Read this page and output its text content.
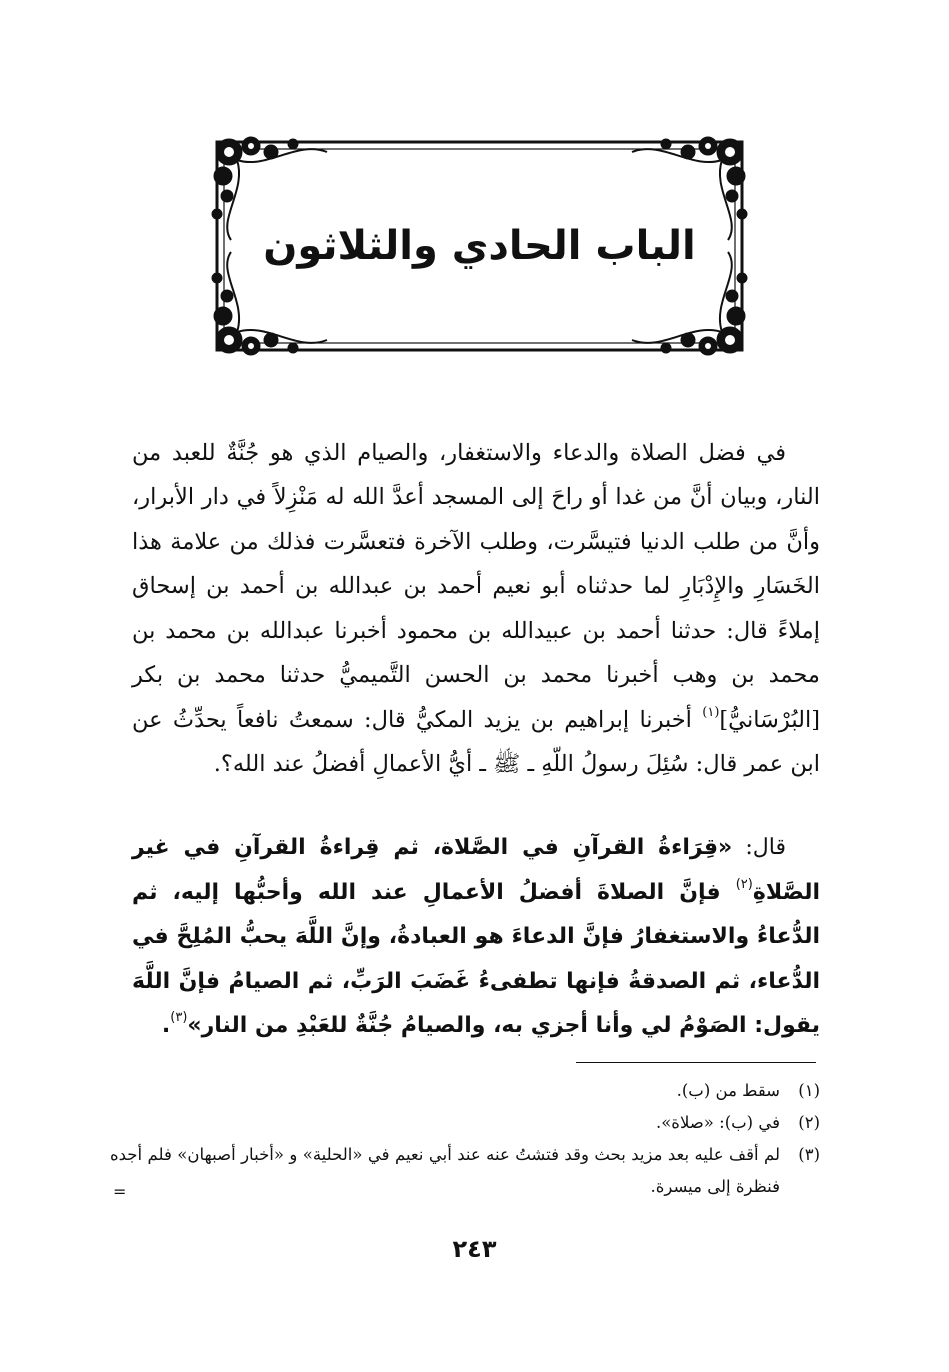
الباب الحادي والثلاثون

في فضل الصلاة والدعاء والاستغفار، والصيام الذي هو جُنَّةٌ للعبد من النار، وبيان أنَّ من غدا أو راحَ إلى المسجد أعدَّ الله له مَنْزِلاً في دار الأبرار، وأنَّ من طلب الدنيا فتيسَّرت، وطلب الآخرة فتعسَّرت فذلك من علامة هذا الخَسَارِ والإِدْبَارِ لما حدثناه أبو نعيم أحمد بن عبدالله بن أحمد بن إسحاق إملاءً قال: حدثنا أحمد بن عبيدالله بن محمود أخبرنا عبدالله بن محمد بن محمد بن وهب أخبرنا محمد بن الحسن التَّميميُّ حدثنا محمد بن بكر [البُرْسَانيُّ]$^{(١)}$ أخبرنا إبراهيم بن يزيد المكيُّ قال: سمعتُ نافعاً يحدِّثُ عن ابن عمر قال: سُئِلَ رسولُ اللّهِ ـ ﷺ ـ أيُّ الأعمالِ أفضلُ عند الله؟.

قال: «قِرَاءةُ القرآنِ في الصَّلاة، ثم قِراءةُ القرآنِ في غير الصَّلاةِ$^{(٢)}$ فإنَّ الصلاةَ أفضلُ الأعمالِ عند الله وأحبُّها إليه، ثم الدُّعاءُ والاستغفارُ فإنَّ الدعاءَ هو العبادةُ، وإنَّ اللَّهَ يحبُّ المُلِحَّ في الدُّعاء، ثم الصدقةُ فإنها تطفىءُ غَضَبَ الرَبِّ، ثم الصيامُ فإنَّ اللَّهَ يقول: الصَوْمُ لي وأنا أجزي به، والصيامُ جُنَّةٌ للعَبْدِ من النار»$^{(٣)}$.

(١)
سقط من (ب).
(٢)
في (ب): «صلاة».
(٣)
لم أقف عليه بعد مزيد بحث وقد فتشتُ عنه عند أبي نعيم في «الحلية» و «أخبار أصبهان» فلم أجده فنظرة إلى ميسرة.
=
٢٤٣
